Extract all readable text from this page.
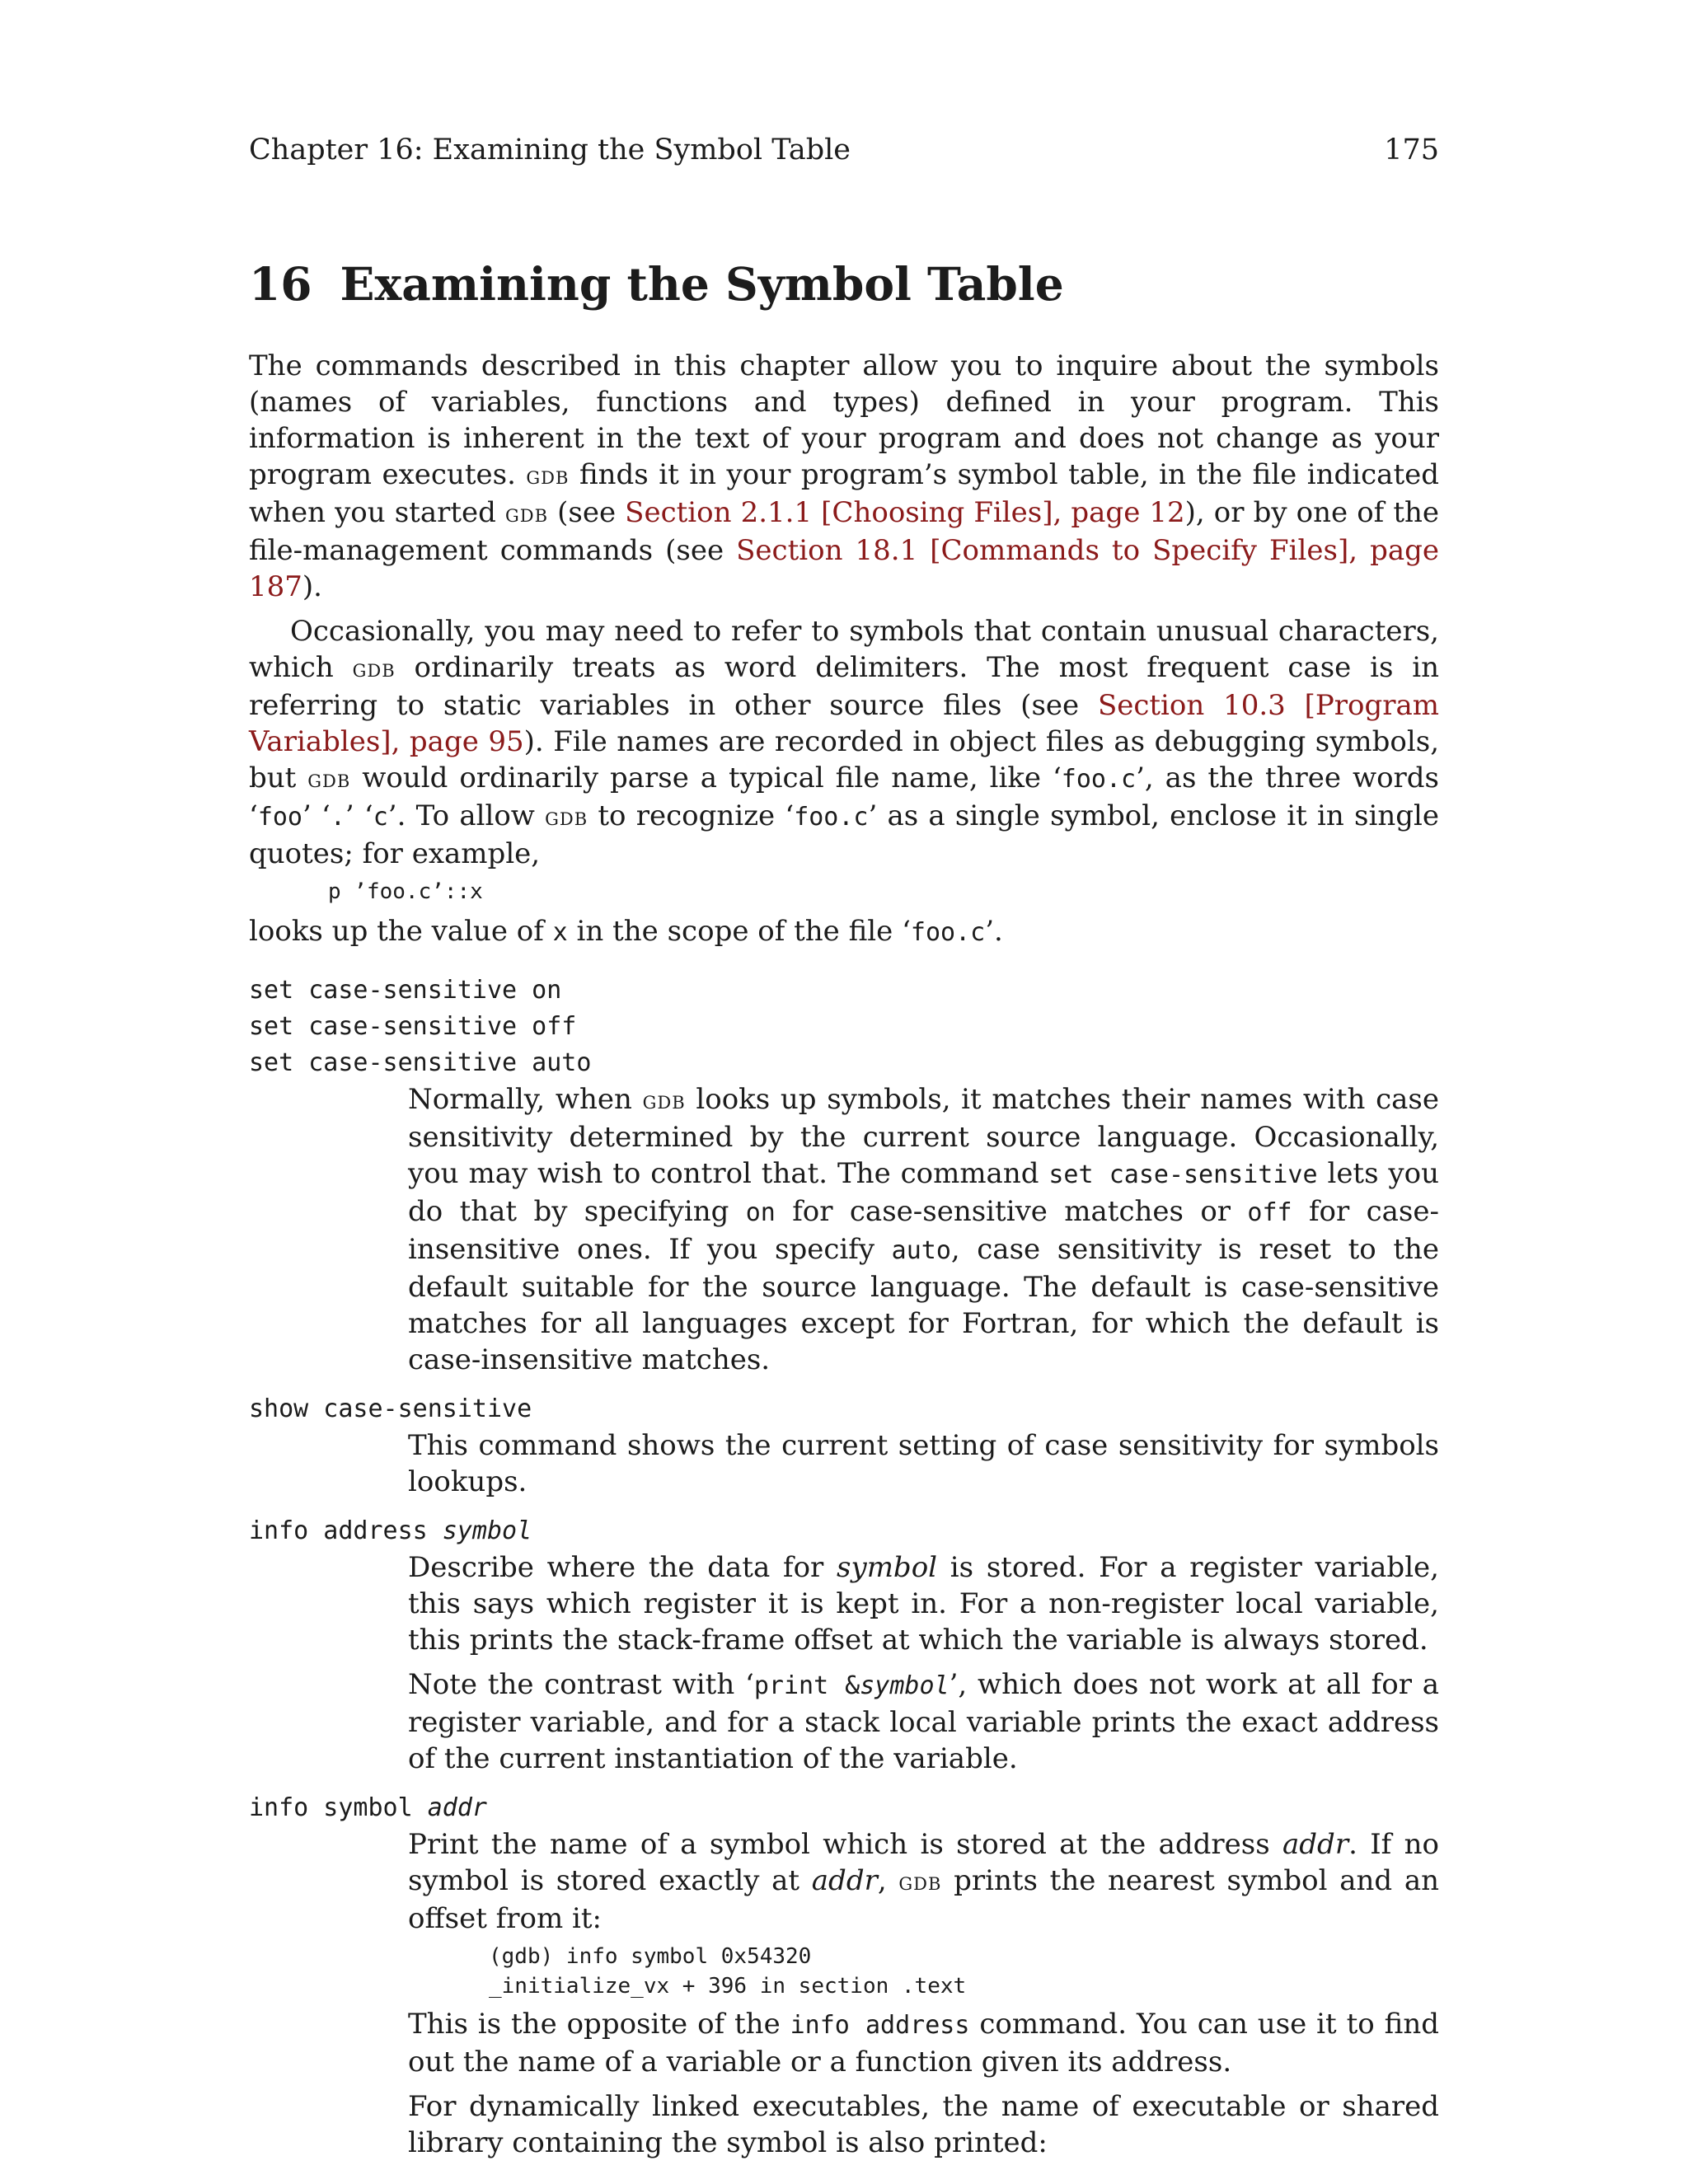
Chapter 16: Examining the Symbol Table	175
16 Examining the Symbol Table

The commands described in this chapter allow you to inquire about the symbols (names of variables, functions and types) defined in your program. This information is inherent in the text of your program and does not change as your program executes. gdb finds it in your program’s symbol table, in the file indicated when you started gdb (see Section 2.1.1 [Choosing Files], page 12), or by one of the file-management commands (see Section 18.1 [Commands to Specify Files], page 187).

Occasionally, you may need to refer to symbols that contain unusual characters, which gdb ordinarily treats as word delimiters. The most frequent case is in referring to static variables in other source files (see Section 10.3 [Program Variables], page 95). File names are recorded in object files as debugging symbols, but gdb would ordinarily parse a typical file name, like ‘foo.c’, as the three words ‘foo’ ‘.’ ‘c’. To allow gdb to recognize ‘foo.c’ as a single symbol, enclose it in single quotes; for example,

p ’foo.c’::x

looks up the value of x in the scope of the file ‘foo.c’.

set case-sensitive on
set case-sensitive off
set case-sensitive auto

Normally, when gdb looks up symbols, it matches their names with case sensitivity determined by the current source language. Occasionally, you may wish to control that. The command set case-sensitive lets you do that by specifying on for case-sensitive matches or off for case-insensitive ones. If you specify auto, case sensitivity is reset to the default suitable for the source language. The default is case-sensitive matches for all languages except for Fortran, for which the default is case-insensitive matches.

show case-sensitive

This command shows the current setting of case sensitivity for symbols lookups.

info address symbol

Describe where the data for symbol is stored. For a register variable, this says which register it is kept in. For a non-register local variable, this prints the stack-frame offset at which the variable is always stored.

Note the contrast with ‘print &symbol’, which does not work at all for a register variable, and for a stack local variable prints the exact address of the current instantiation of the variable.

info symbol addr

Print the name of a symbol which is stored at the address addr. If no symbol is stored exactly at addr, gdb prints the nearest symbol and an offset from it:

(gdb) info symbol 0x54320
_initialize_vx + 396 in section .text

This is the opposite of the info address command. You can use it to find out the name of a variable or a function given its address.

For dynamically linked executables, the name of executable or shared library containing the symbol is also printed:
